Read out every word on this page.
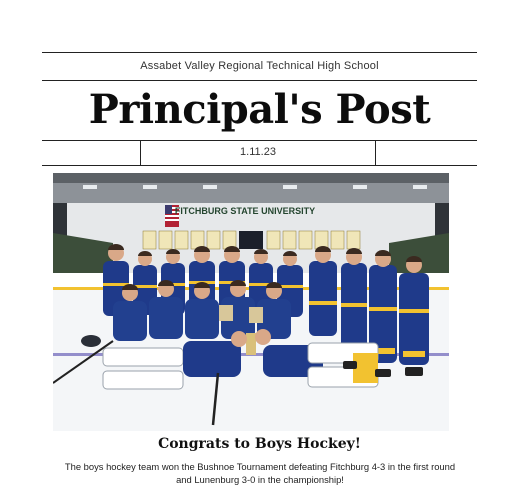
Assabet Valley Regional Technical High School
Principal's Post
1.11.23
FITCHBURG STATE UNIVERSITY
Congrats to Boys Hockey!
The boys hockey team won the Bushnoe Tournament defeating Fitchburg 4-3 in the first round and Lunenburg 3-0 in the championship!
